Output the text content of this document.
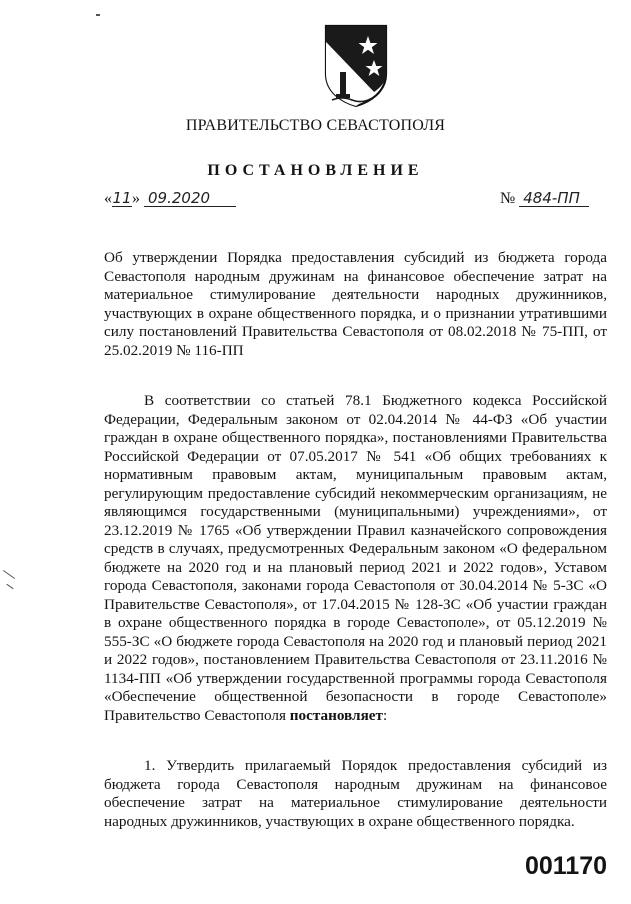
ПРАВИТЕЛЬСТВО СЕВАСТОПОЛЯ
ПОСТАНОВЛЕНИЕ
«11» 09.2020	№ 484-ПП
Об утверждении Порядка предоставления субсидий из бюджета города Севастополя народным дружинам на финансовое обеспечение затрат на материальное стимулирование деятельности народных дружинников, участвующих в охране общественного порядка, и о признании утратившими силу постановлений Правительства Севастополя от 08.02.2018 № 75-ПП, от 25.02.2019 № 116-ПП
В соответствии со статьей 78.1 Бюджетного кодекса Российской Федерации, Федеральным законом от 02.04.2014 № 44-ФЗ «Об участии граждан в охране общественного порядка», постановлениями Правительства Российской Федерации от 07.05.2017 № 541 «Об общих требованиях к нормативным правовым актам, муниципальным правовым актам, регулирующим предоставление субсидий некоммерческим организациям, не являющимся государственными (муниципальными) учреждениями», от 23.12.2019 № 1765 «Об утверждении Правил казначейского сопровождения средств в случаях, предусмотренных Федеральным законом «О федеральном бюджете на 2020 год и на плановый период 2021 и 2022 годов», Уставом города Севастополя, законами города Севастополя от 30.04.2014 № 5-ЗС «О Правительстве Севастополя», от 17.04.2015 № 128-ЗС «Об участии граждан в охране общественного порядка в городе Севастополе», от 05.12.2019 № 555-ЗС «О бюджете города Севастополя на 2020 год и плановый период 2021 и 2022 годов», постановлением Правительства Севастополя от 23.11.2016 № 1134-ПП «Об утверждении государственной программы города Севастополя «Обеспечение общественной безопасности в городе Севастополе» Правительство Севастополя постановляет:
1. Утвердить прилагаемый Порядок предоставления субсидий из бюджета города Севастополя народным дружинам на финансовое обеспечение затрат на материальное стимулирование деятельности народных дружинников, участвующих в охране общественного порядка.
001170
